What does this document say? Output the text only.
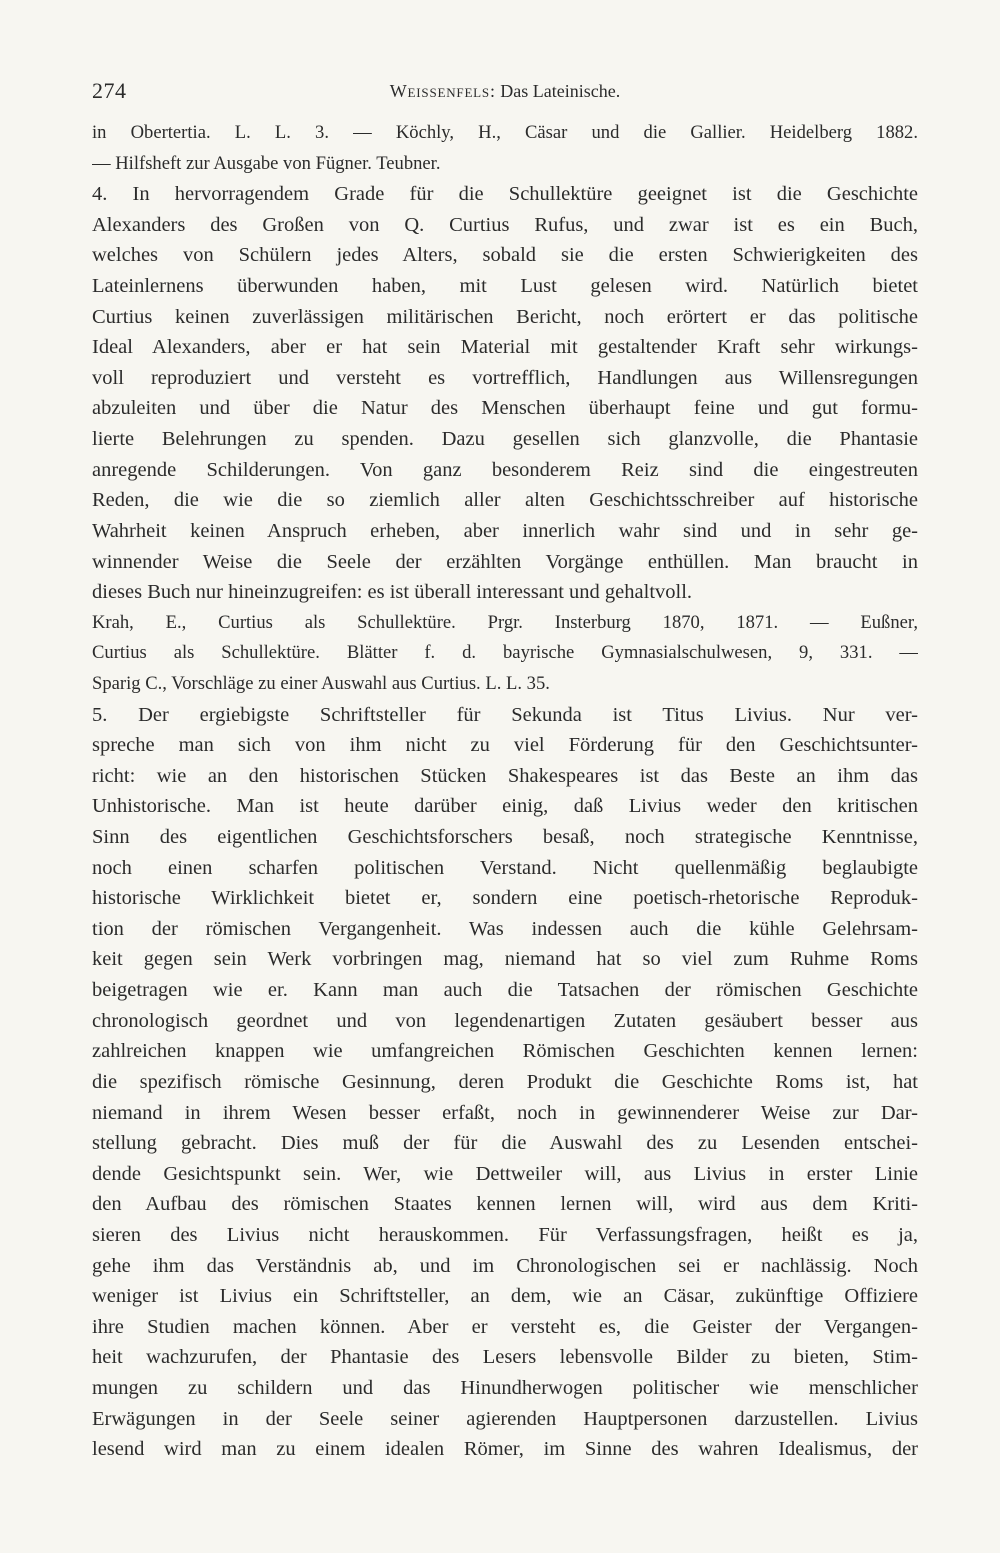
274	Weissenfels: Das Lateinische.
in Obertertia. L. L. 3. — Köchly, H., Cäsar und die Gallier. Heidelberg 1882.
— Hilfsheft zur Ausgabe von Fügner. Teubner.
4. In hervorragendem Grade für die Schullektüre geeignet ist die Geschichte
Alexanders des Großen von Q. Curtius Rufus, und zwar ist es ein Buch,
welches von Schülern jedes Alters, sobald sie die ersten Schwierigkeiten des
Lateinlernens überwunden haben, mit Lust gelesen wird. Natürlich bietet
Curtius keinen zuverlässigen militärischen Bericht, noch erörtert er das politische
Ideal Alexanders, aber er hat sein Material mit gestaltender Kraft sehr wirkungs-
voll reproduziert und versteht es vortrefflich, Handlungen aus Willensregungen
abzuleiten und über die Natur des Menschen überhaupt feine und gut formu-
lierte Belehrungen zu spenden. Dazu gesellen sich glanzvolle, die Phantasie
anregende Schilderungen. Von ganz besonderem Reiz sind die eingestreuten
Reden, die wie die so ziemlich aller alten Geschichtsschreiber auf historische
Wahrheit keinen Anspruch erheben, aber innerlich wahr sind und in sehr ge-
winnender Weise die Seele der erzählten Vorgänge enthüllen. Man braucht in
dieses Buch nur hineinzugreifen: es ist überall interessant und gehaltvoll.
Krah, E., Curtius als Schullektüre. Prgr. Insterburg 1870, 1871. — Eußner,
Curtius als Schullektüre. Blätter f. d. bayrische Gymnasialschulwesen, 9, 331. —
Sparig C., Vorschläge zu einer Auswahl aus Curtius. L. L. 35.
5. Der ergiebigste Schriftsteller für Sekunda ist Titus Livius. Nur ver-
spreche man sich von ihm nicht zu viel Förderung für den Geschichtsunter-
richt: wie an den historischen Stücken Shakespeares ist das Beste an ihm das
Unhistorische. Man ist heute darüber einig, daß Livius weder den kritischen
Sinn des eigentlichen Geschichtsforschers besaß, noch strategische Kenntnisse,
noch einen scharfen politischen Verstand. Nicht quellenmäßig beglaubigte
historische Wirklichkeit bietet er, sondern eine poetisch-rhetorische Reproduk-
tion der römischen Vergangenheit. Was indessen auch die kühle Gelehrsam-
keit gegen sein Werk vorbringen mag, niemand hat so viel zum Ruhme Roms
beigetragen wie er. Kann man auch die Tatsachen der römischen Geschichte
chronologisch geordnet und von legendenartigen Zutaten gesäubert besser aus
zahlreichen knappen wie umfangreichen Römischen Geschichten kennen lernen:
die spezifisch römische Gesinnung, deren Produkt die Geschichte Roms ist, hat
niemand in ihrem Wesen besser erfaßt, noch in gewinnenderer Weise zur Dar-
stellung gebracht. Dies muß der für die Auswahl des zu Lesenden entschei-
dende Gesichtspunkt sein. Wer, wie Dettweiler will, aus Livius in erster Linie
den Aufbau des römischen Staates kennen lernen will, wird aus dem Kriti-
sieren des Livius nicht herauskommen. Für Verfassungsfragen, heißt es ja,
gehe ihm das Verständnis ab, und im Chronologischen sei er nachlässig. Noch
weniger ist Livius ein Schriftsteller, an dem, wie an Cäsar, zukünftige Offiziere
ihre Studien machen können. Aber er versteht es, die Geister der Vergangen-
heit wachzurufen, der Phantasie des Lesers lebensvolle Bilder zu bieten, Stim-
mungen zu schildern und das Hinundherwogen politischer wie menschlicher
Erwägungen in der Seele seiner agierenden Hauptpersonen darzustellen. Livius
lesend wird man zu einem idealen Römer, im Sinne des wahren Idealismus, der
